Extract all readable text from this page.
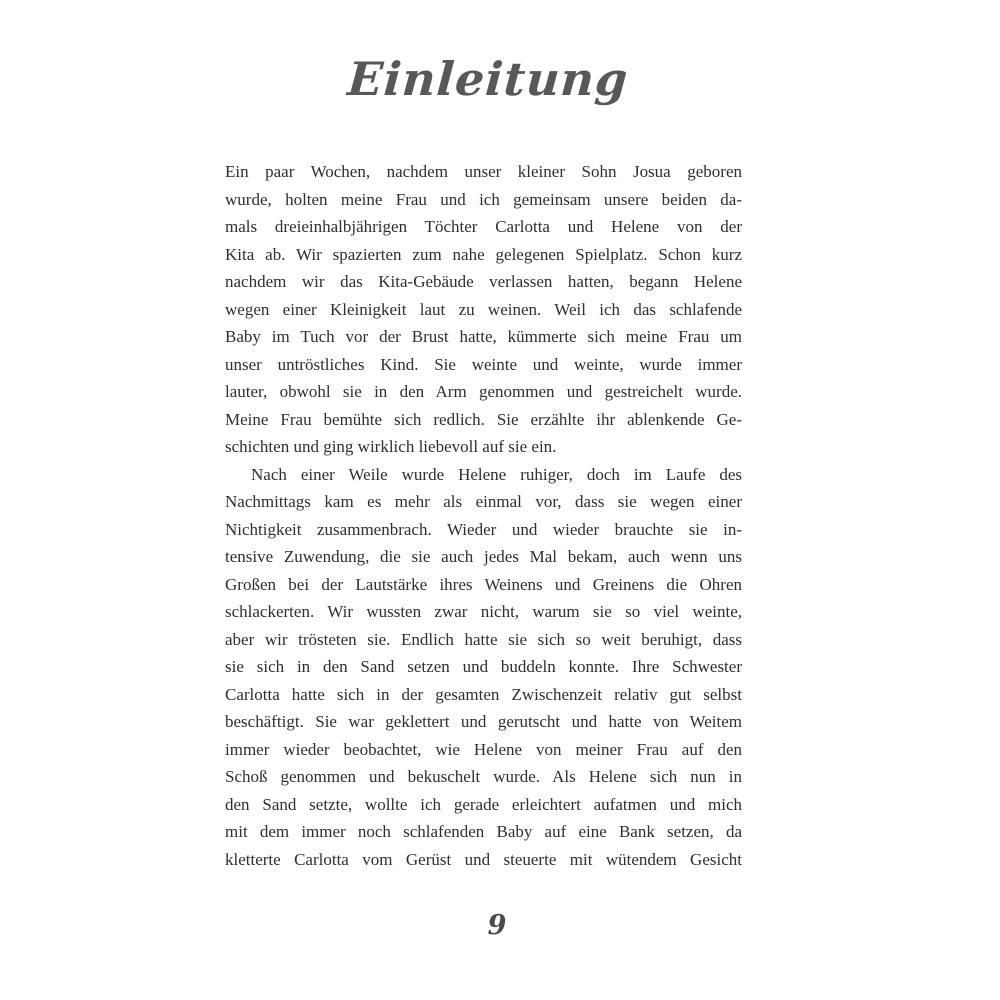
Einleitung
Ein paar Wochen, nachdem unser kleiner Sohn Josua geboren
wurde, holten meine Frau und ich gemeinsam unsere beiden da-
mals dreieinhalbjährigen Töchter Carlotta und Helene von der
Kita ab. Wir spazierten zum nahe gelegenen Spielplatz. Schon kurz
nachdem wir das Kita-Gebäude verlassen hatten, begann Helene
wegen einer Kleinigkeit laut zu weinen. Weil ich das schlafende
Baby im Tuch vor der Brust hatte, kümmerte sich meine Frau um
unser untröstliches Kind. Sie weinte und weinte, wurde immer
lauter, obwohl sie in den Arm genommen und gestreichelt wurde.
Meine Frau bemühte sich redlich. Sie erzählte ihr ablenkende Ge-
schichten und ging wirklich liebevoll auf sie ein.
Nach einer Weile wurde Helene ruhiger, doch im Laufe des
Nachmittags kam es mehr als einmal vor, dass sie wegen einer
Nichtigkeit zusammenbrach. Wieder und wieder brauchte sie in-
tensive Zuwendung, die sie auch jedes Mal bekam, auch wenn uns
Großen bei der Lautstärke ihres Weinens und Greinens die Ohren
schlackerten. Wir wussten zwar nicht, warum sie so viel weinte,
aber wir trösteten sie. Endlich hatte sie sich so weit beruhigt, dass
sie sich in den Sand setzen und buddeln konnte. Ihre Schwester
Carlotta hatte sich in der gesamten Zwischenzeit relativ gut selbst
beschäftigt. Sie war geklettert und gerutscht und hatte von Weitem
immer wieder beobachtet, wie Helene von meiner Frau auf den
Schoß genommen und bekuschelt wurde. Als Helene sich nun in
den Sand setzte, wollte ich gerade erleichtert aufatmen und mich
mit dem immer noch schlafenden Baby auf eine Bank setzen, da
kletterte Carlotta vom Gerüst und steuerte mit wütendem Gesicht
9
